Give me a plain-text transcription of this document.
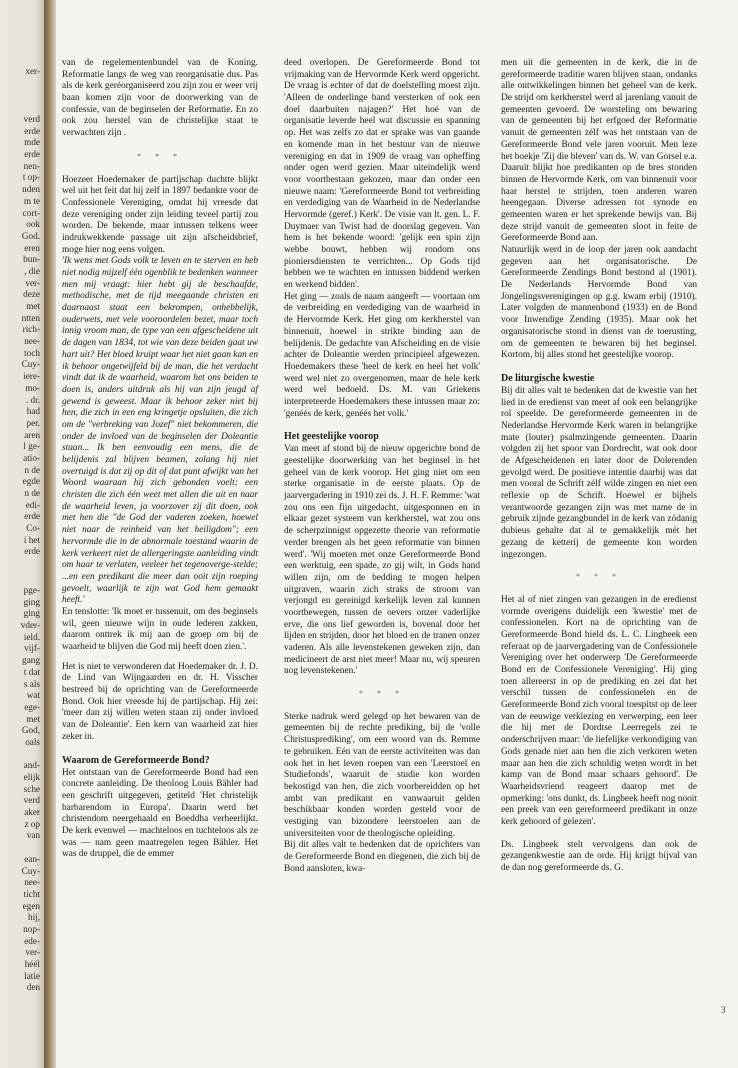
xer-
verd
erde
mde
erde
nen-
t op-
nden
m te
cort-
ook
God.
eren
bun-
, die
ver-
deze
met
ntten
rich-
nee-
toch
Cuy-
iere-
mo-
. dr.
had
per.
aren
l ge-
atio-
n de
egde
n de
edi-
erde
Co-
i het
erde
pge-
ging
ging
vder-
ield.
vijf-
gang
t dat
s als
wat
ege-
met
God,
oals
and-
elijk
sche
verd
aker
z op
van
ean-
Cuy-
nee-
ticht
egen
hij,
nop-
ede-
ver-
héél
latie
den

van de regelementenbundel van de Koning. Reformatie langs de weg van reorganisatie dus. Pas als de kerk geréorganiseerd zou zijn zou er weer vrij baan komen zijn voor de doorwerking van de confessie, van de beginselen der Reformatie. En zo ook zou herstel van de christelijke staat te verwachten zijn .

* * *

Hoezeer Hoedemaker de partijschap duchtte blijkt wel uit het feit dat hij zelf in 1897 bedankte voor de Confessionele Vereniging, omdat hij vreesde dat deze vereniging onder zijn leiding teveel partij zou worden. De bekende, maar intussen telkens weer indrukwekkende passage uit zijn afscheidsbrief, moge hier nog eens volgen.

'Ik wens met Gods volk te leven en te sterven en heb niet nodig mijzelf één ogenblik te bedenken wanneer men mij vraagt: hier hebt gij de beschaafde, methodische, met de tijd meegaande christen en daarnaast staat een bekrompen, onhebbelijk, ouderwets, met vele vooroordelen bezet, maar toch innig vroom man, de type van een afgescheidene uit de dagen van 1834, tot wie van deze beiden gaat uw hart uit? Het bloed kruipt waar het niet gaan kan en ik behoor ongetwijfeld bij de man, die het verdacht vindt dat ik de waarheid, waarom het ons beiden te doen is, anders uitdruk als hij van zijn jeugd af gewend is geweest. Maar ik behoor zeker niet bij hen, die zich in een eng kringetje opsluiten, die zich om de "verbreking van Jozef" niet bekommeren, die onder de invloed van de beginselen der Doleantie staan... Ik ben eenvoudig een mens, die de belijdenis zal blijven beamen, zolang hij niet overtuigd is dat zij op dit of dat punt afwijkt van het Woord waaraan hij zich gebonden voelt; een christen die zich één weet met allen die uit en naar de waarheid leven, ja voorzover zij dit doen, ook met hen die "de God der vaderen zoeken, hoewel niet naar de reinheid van het heiligdom"; een hervormde die in de abnormale toestand waarin de kerk verkeert niet de allergeringste aanleiding vindt om haar te verlaten, veeleer het tegenoverge-stelde; ...en een predikant die meer dan ooit zijn roeping gevoelt, waarlijk te zijn wat God hem gemaakt heeft.'

En tenslotte: 'Ik moet er tussenuit, om des beginsels wil, geen nieuwe wijn in oude lederen zakken, daarom onttrek ik mij aan de groep om bij de waarheid te blijven die God mij heeft doen zien.'.

Het is niet te verwonderen dat Hoedemaker dr. J. D. de Lind van Wijngaarden en dr. H. Visscher bestreed bij de oprichting van de Gereformeerde Bond. Ook hier vreesde hij de partijschap. Hij zei: 'meer dan zij willen weten staan zij onder invloed van de Doleantie'. Een kern van waarheid zat hier zeker in.

Waarom de Gereformeerde Bond?

Het ontstaan van de Gereformeerde Bond had een concrete aanleiding. De theoloog Louis Bähler had een geschrift uitgegeven, getiteld 'Het christelijk barbarendom in Europa'. Daarin werd het christendom neergehaald en Boeddha verheerlijkt. De kerk evenwel — machteloos en tuchteloos als ze was — nam geen maatregelen tegen Bähler. Het was de druppel, die de emmer

deed overlopen. De Gereformeerde Bond tot vrijmaking van de Hervormde Kerk werd opgericht. De vraag is echter of dat de doelstelling moest zijn. 'Alleen de onderlinge band versterken of ook een doel daarbuiten najagen?' Het hoé van de organisatie leverde heel wat discussie en spanning op. Het was zelfs zo dat er sprake was van gaande en komende man in het bestuur van de nieuwe vereniging en dat in 1909 de vraag van opheffing onder ogen werd gezien. Maar uiteindelijk werd voor voortbestaan gekozen, maar dan onder een nieuwe naam: 'Gereformeerde Bond tot verbreiding en verdediging van de Waarheid in de Nederlandse Hervormde (geref.) Kerk'. De visie van lt. gen. L. F. Duymaer van Twist had de doorslag gegeven. Van hem is het bekende woord: 'gelijk een spin zijn webbe bouwt, hebben wij rondom ons pioniersdiensten te verrichten... Op Gods tijd hebben we te wachten en intussen biddend werken en werkend bidden'.

Het ging — zoals de naam aangeeft — voortaan om de verbreiding en verdediging van de waarheid in de Hervormde Kerk. Het ging om kerkherstel van binnenuit, hoewel in strikte binding aan de belijdenis. De gedachte van Afscheiding en de visie achter de Doleantie werden principieel afgewezen. Hoedemakers these 'heel de kerk en heel het volk' werd wel niet zo overgenomen, maar de hele kerk werd wel bedoeld. Ds. M. van Griekens interpreteerde Hoedemakers these intussen maar zo: 'genéés de kerk, genéés het volk.'

Het geestelijke voorop

Van meet af stond bij de nieuw opgerichte bond de geestelijke doorwerking van het beginsel in het geheel van de kerk voorop. Het ging niet om een sterke organisatie in de eerste plaats. Op de jaarvergadering in 1910 zei ds. J. H. F. Remme: 'wat zou ons een fijn uitgedacht, uitgesponnen en in elkaar gezet systeem van kerkherstel, wat zou ons de scherpzinnigst opgezette theorie van reformatie verder brengen als het geen reformatie van binnen werd'. 'Wij moeten met onze Gereformeerde Bond een werktuig, een spade, zo gij wilt, in Gods hand willen zijn, om de bedding te mogen helpen uitgraven, waarin zich straks de stroom van verjongd en gereinigd kerkelijk leven zal kunnen voortbewegen, tussen de oevers onzer vaderlijke erve, die ons lief geworden is, bovenal door het lijden en strijden, door het bloed en de tranen onzer vaderen. Als alle levenstekenen geweken zijn, dan medicineert de arst niet meer! Maar nu, wij speuren nog levenstekenen.'

* * *

Sterke nadruk werd gelegd op het bewaren van de gemeenten bij de rechte prediking, bij de 'volle Christusprediking', om een woord van ds. Remme te gebruiken. Eén van de eerste activiteiten was dan ook het in het leven roepen van een 'Leerstoel en Studiefonds', waaruit de studie kon worden bekostigd van hen, die zich voorbereidden op het ambt van predikant en vanwaaruit gelden beschikbaar konden worden gesteld voor de vestiging van bizondere leerstoelen aan de universiteiten voor de theologische opleiding.

Bij dit alles valt te bedenken dat de oprichters van de Gereformeerde Bond en diegenen, die zich bij de Bond aansloten, kwa-

men uit die gemeenten in de kerk, die in de gereformeerde traditie waren blijven staan, ondanks alle ontwikkelingen binnen het geheel van de kerk. De strijd om kerkherstel werd al jarenlang vanuit de gemeenten gevoerd. De worsteling om bewaring van de gemeenten bij het erfgoed der Reformatie vanuit de gemeenten zélf was het ontstaan van de Gereformeerde Bond vele jaren vooruit. Men leze het boekje 'Zij die bleven' van ds. W. van Gorsel e.a. Daaruit blijkt hoe predikanten op de bres stonden binnen de Hervormde Kerk, om van binnenuit voor haar herstel te strijden, toen anderen waren heengegaan. Diverse adressen tot synode en gemeenten waren er het sprekende bewijs van. Bij deze strijd vanuit de gemeenten sloot in feite de Gereformeerde Bond aan.

Natuurlijk werd in de loop der jaren ook aandacht gegeven aan het organisatorische. De Gereformeerde Zendings Bond bestond al (1901). De Nederlands Hervormde Bond van Jongelingsverenigingen op g.g. kwam erbij (1910). Later volgden de mannenbond (1933) en de Bond voor Inwendige Zending (1935). Maar ook het organisatorische stond in dienst van de toerusting, om de gemeenten te bewaren bij het beginsel. Kortom, bij alles stond het geestelijke voorop.

De liturgische kwestie

Bij dit alles valt te bedenken dat de kwestie van het lied in de eredienst van meet af ook een belangrijke rol speelde. De gereformeerde gemeenten in de Nederlandse Hervormde Kerk waren in belangrijke mate (louter) psalmzingende gemeenten. Daarin volgden zij het spoor van Dordrecht, wat ook door de Afgescheidenen en later door de Dolerenden gevolgd werd. De positieve intentie daarbij was dat men vooral de Schrift zélf wilde zingen en niet een reflexie op de Schrift. Hoewel er bijbels verantwoorde gezangen zijn was met name de in gebruik zijnde gezangbundel in de kerk van zódanig dubieus gehalte dat al te gemakkelijk mét het gezang de ketterij de gemeente kon worden ingezongen.

* * *

Het al of niet zingen van gezangen in de eredienst vormde overigens duidelijk een 'kwestie' met de confessionelen. Kort na de oprichting van de Gereformeerde Bond hield ds. L. C. Lingbeek een referaat op de jaarvergadering van de Confessionele Vereniging over het onderwerp 'De Gereformeerde Bond en de Confessionele Vereniging'. Hij ging toen allereerst in op de prediking en zei dat het verschil tussen de confessionelen en de Gereformeerde Bond zich vooral toespitst op de leer van de eeuwige verkiezing en verwerping, een leer die hij met de Dordtse Leerregels zei te onderschrijven maar: 'de liefelijke verkondiging van Gods genade niet aan hen die zich verkoren weten maar aan hen die zich schuldig weten wordt in het kamp van de Bond maar schaars gehoord'. De Waarheidsvriend reageert daarop met de opmerking: 'ons dunkt, ds. Lingbeek heeft nog nooit een preek van een gereformeerd predikant in onze kerk gehoord of gelezen'.

Ds. Lingbeek stelt vervolgens dan ook de gezangenkwestie aan de orde. Hij krijgt bijval van de dan nog gereformeerde ds. G.

3
